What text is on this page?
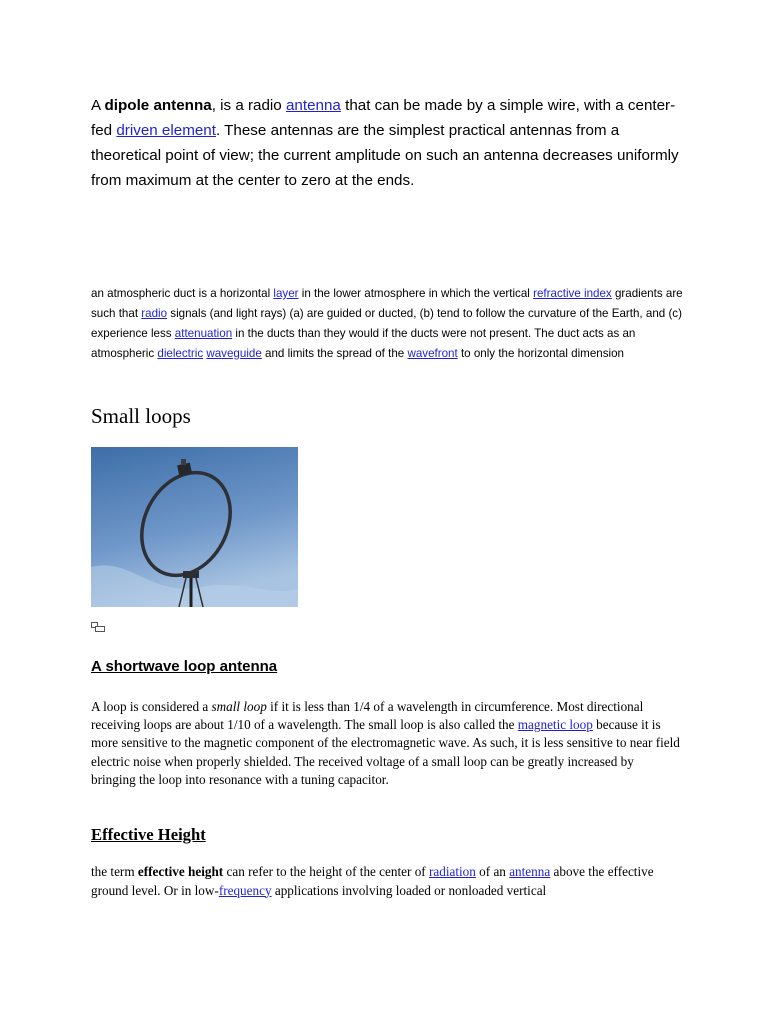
A dipole antenna, is a radio antenna that can be made by a simple wire, with a center-fed driven element. These antennas are the simplest practical antennas from a theoretical point of view; the current amplitude on such an antenna decreases uniformly from maximum at the center to zero at the ends.

an atmospheric duct is a horizontal layer in the lower atmosphere in which the vertical refractive index gradients are such that radio signals (and light rays) (a) are guided or ducted, (b) tend to follow the curvature of the Earth, and (c) experience less attenuation in the ducts than they would if the ducts were not present. The duct acts as an atmospheric dielectric waveguide and limits the spread of the wavefront to only the horizontal dimension

Small loops
A shortwave loop antenna

A loop is considered a small loop if it is less than 1/4 of a wavelength in circumference. Most directional receiving loops are about 1/10 of a wavelength. The small loop is also called the magnetic loop because it is more sensitive to the magnetic component of the electromagnetic wave. As such, it is less sensitive to near field electric noise when properly shielded. The received voltage of a small loop can be greatly increased by bringing the loop into resonance with a tuning capacitor.

Effective Height

the term effective height can refer to the height of the center of radiation of an antenna above the effective ground level. Or in low-frequency applications involving loaded or nonloaded vertical
